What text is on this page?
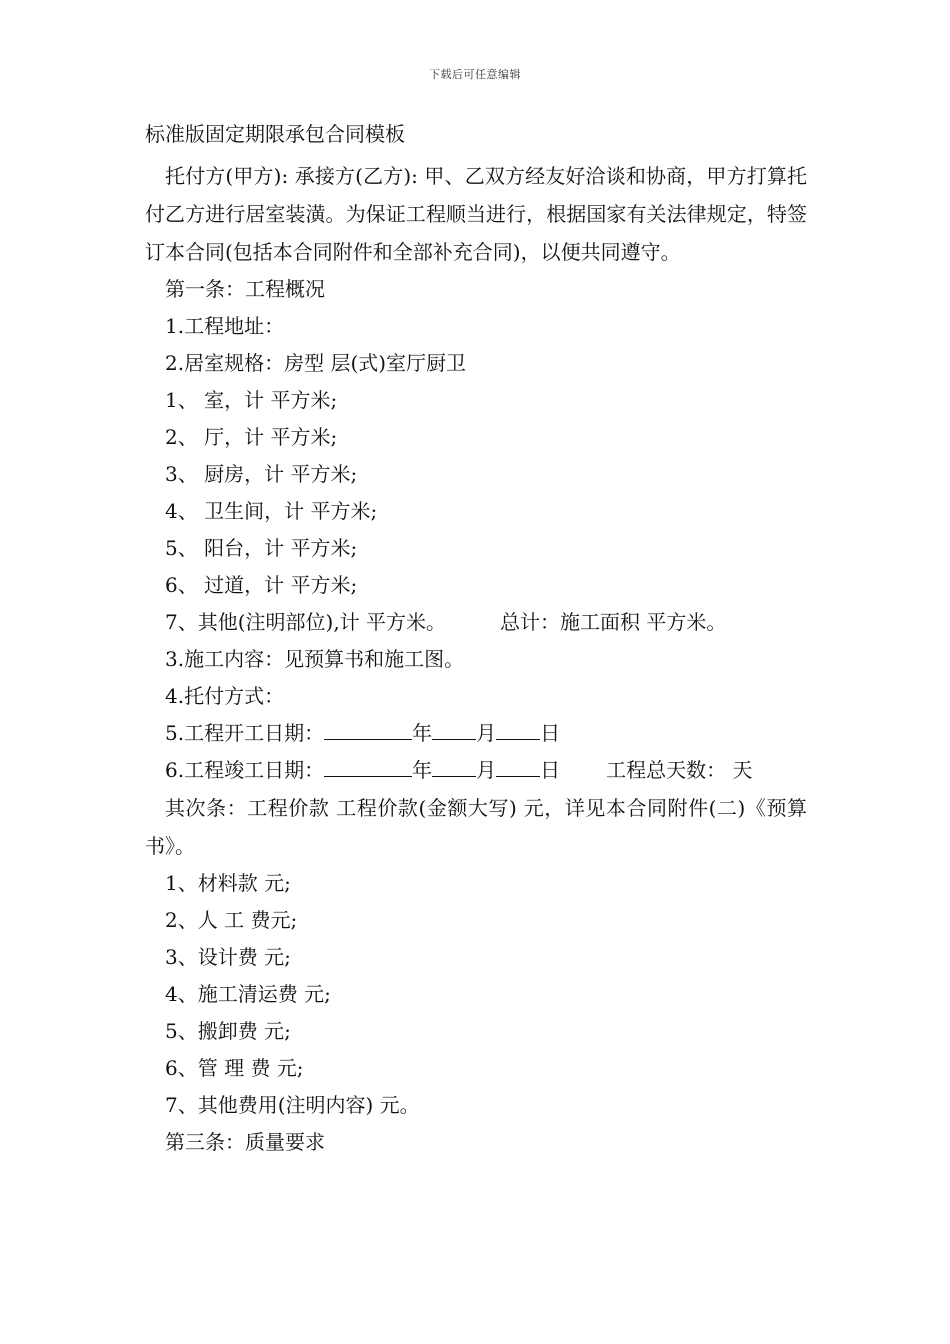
下载后可任意编辑

标准版固定期限承包合同模板

托付方(甲方): 承接方(乙方): 甲、乙双方经友好洽谈和协商，甲方打算托付乙方进行居室装潢。为保证工程顺当进行，根据国家有关法律规定，特签订本合同(包括本合同附件和全部补充合同)，以便共同遵守。

第一条：工程概况
1.工程地址：
2.居室规格：房型 层(式)室厅厨卫
1、 室，计 平方米;
2、 厅，计 平方米;
3、 厨房，计 平方米;
4、 卫生间，计 平方米;
5、 阳台，计 平方米;
6、 过道，计 平方米;
7、其他(注明部位),计 平方米。	总计：施工面积 平方米。
3.施工内容：见预算书和施工图。
4.托付方式：
5.工程开工日期：	年 月 日
6.工程竣工日期：	年 月 日 工程总天数： 天

其次条：工程价款 工程价款(金额大写) 元，详见本合同附件(二)《预算书》。

1、材料款 元;
2、人 工 费元;
3、设计费 元;
4、施工清运费 元;
5、搬卸费 元;
6、管 理 费 元;
7、其他费用(注明内容) 元。
第三条：质量要求
